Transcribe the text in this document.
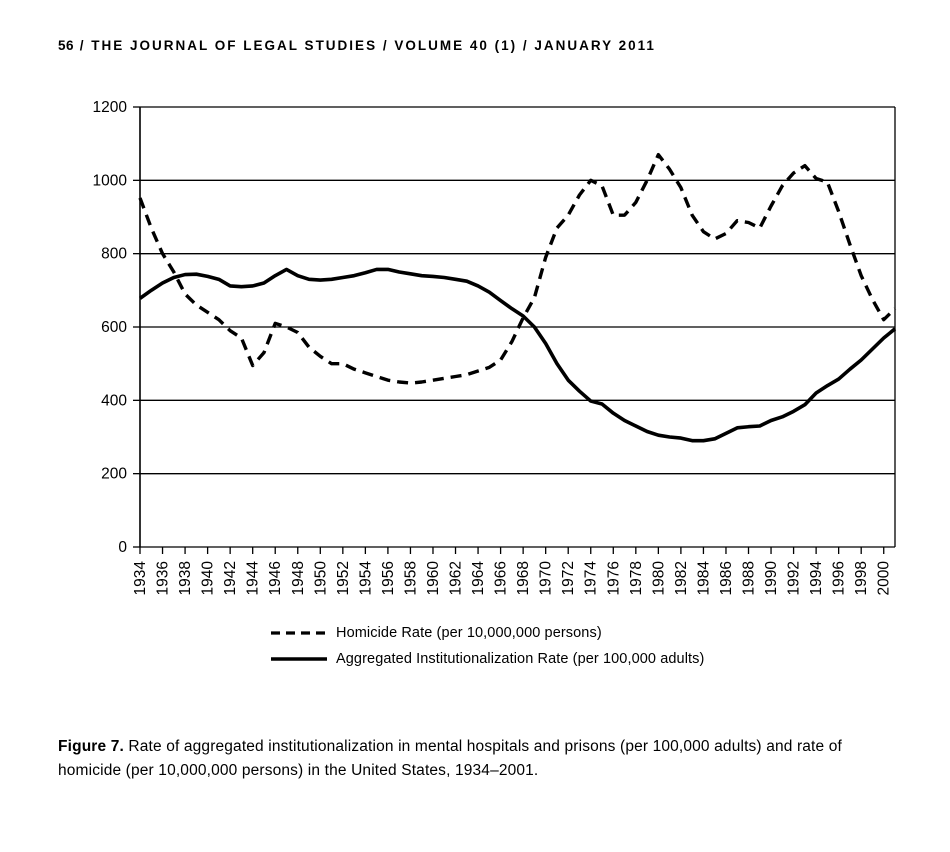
56 / THE JOURNAL OF LEGAL STUDIES / VOLUME 40 (1) / JANUARY 2011
0
200
400
600
800
1000
1200
1934 1936 1938 1940 1942 1944 1946 1948 1950 1952 1954 1956 1958 1960 1962 1964 1966 1968 1970 1972 1974 1976 1978 1980 1982 1984 1986 1988 1990 1992 1994 1996 1998 2000
Homicide Rate (per 10,000,000 persons)
Aggregated Institutionalization Rate (per 100,000 adults)
Figure 7. Rate of aggregated institutionalization in mental hospitals and prisons (per 100,000 adults) and rate of homicide (per 10,000,000 persons) in the United States, 1934–2001.
